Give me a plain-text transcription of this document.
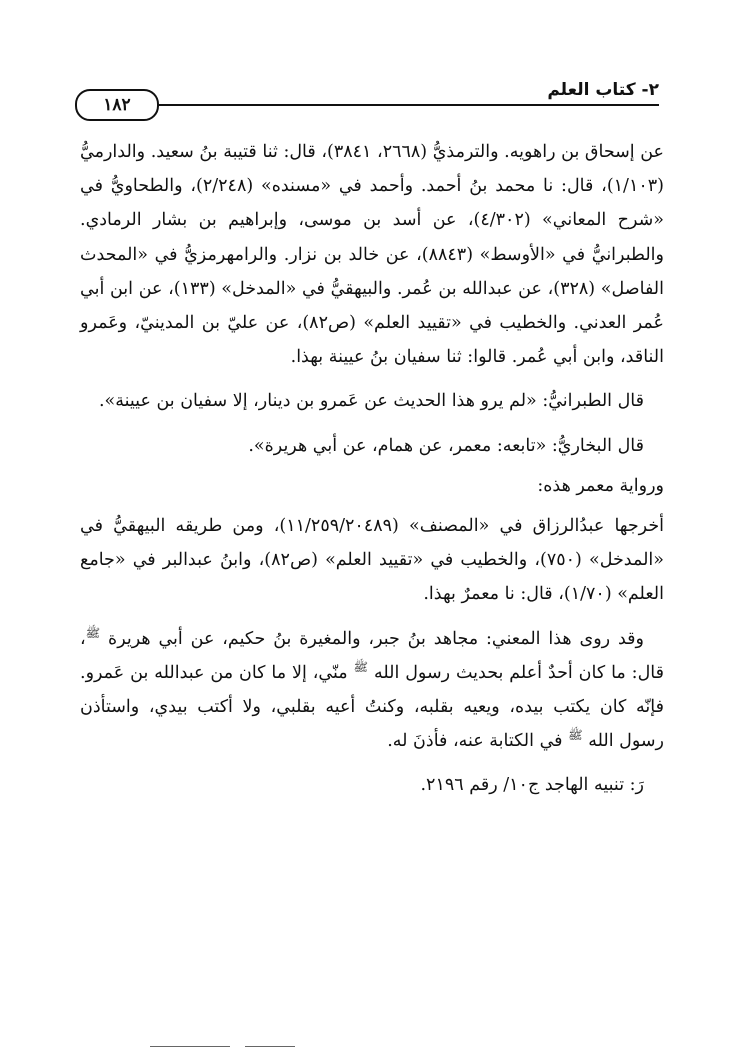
٢- كتاب العلم
١٨٢

عن إسحاق بن راهويه. والترمذيُّ (٢٦٦٨، ٣٨٤١)، قال: ثنا قتيبة بنُ سعيد. والدارميُّ (١/١٠٣)، قال: نا محمد بنُ أحمد. وأحمد في «مسنده» (٢/٢٤٨)، والطحاويُّ في «شرح المعاني» (٤/٣٠٢)، عن أسد بن موسى، وإبراهيم بن بشار الرمادي. والطبرانيُّ في «الأوسط» (٨٨٤٣)، عن خالد بن نزار. والرامهرمزيُّ في «المحدث الفاصل» (٣٢٨)، عن عبدالله بن عُمر. والبيهقيُّ في «المدخل» (١٣٣)، عن ابن أبي عُمر العدني. والخطيب في «تقييد العلم» (ص٨٢)، عن عليّ بن المدينيّ، وعَمرو الناقد، وابن أبي عُمر. قالوا: ثنا سفيان بنُ عيينة بهذا.

قال الطبرانيُّ: «لم يرو هذا الحديث عن عَمرو بن دينار، إلا سفيان بن عيينة».

قال البخاريُّ: «تابعه: معمر، عن همام، عن أبي هريرة».

ورواية معمر هذه:

أخرجها عبدُالرزاق في «المصنف» (١١/٢٥٩/٢٠٤٨٩)، ومن طريقه البيهقيُّ في «المدخل» (٧٥٠)، والخطيب في «تقييد العلم» (ص٨٢)، وابنُ عبدالبر في «جامع العلم» (١/٧٠)، قال: نا معمرٌ بهذا.

وقد روى هذا المعني: مجاهد بنُ جبر، والمغيرة بنُ حكيم، عن أبي هريرة $^ﷺ$، قال: ما كان أحدٌ أعلم بحديث رسول الله $^ﷺ$ منّي، إلا ما كان من عبدالله بن عَمرو. فإنّه كان يكتب بيده، ويعيه بقلبه، وكنتُ أعيه بقلبي، ولا أكتب بيدي، واستأذن رسول الله $^ﷺ$ في الكتابة عنه، فأذنَ له.

رَ: تنبيه الهاجد ج١٠/ رقم ٢١٩٦.
